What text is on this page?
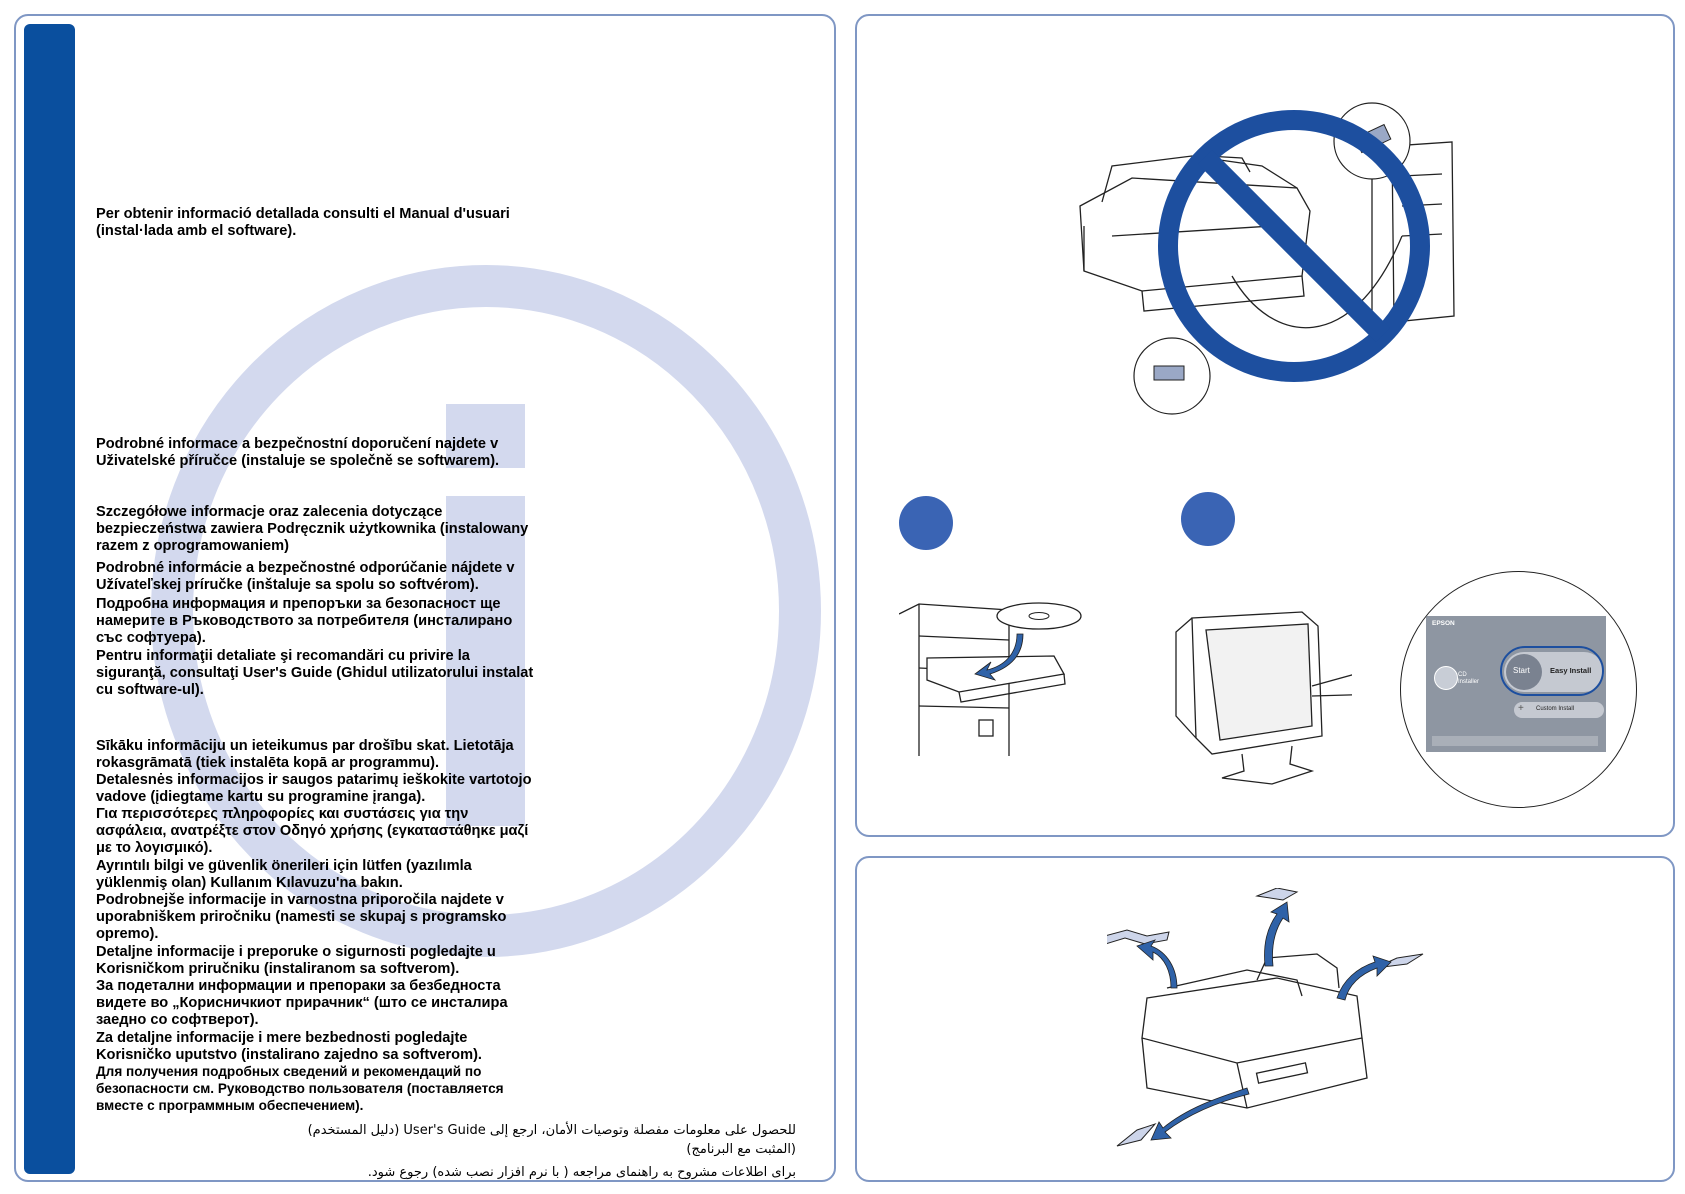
Per obtenir informació detallada consulti el Manual d'usuari
(instal·lada amb el software).

Podrobné informace a bezpečnostní doporučení najdete v
Uživatelské příručce (instaluje se společně se softwarem).

Szczegółowe informacje oraz zalecenia dotyczące
bezpieczeństwa zawiera Podręcznik użytkownika (instalowany
razem z oprogramowaniem)

Podrobné informácie a bezpečnostné odporúčanie nájdete v
Užívateľskej príručke (inštaluje sa spolu so softvérom).

Подробна информация и препоръки за безопасност ще
намерите в Ръководството за потребителя (инсталирано
със софтуера).

Pentru informaţii detaliate şi recomandări cu privire la
siguranţă, consultaţi User's Guide (Ghidul utilizatorului instalat
cu software-ul).

Sīkāku informāciju un ieteikumus par drošību skat. Lietotāja
rokasgrāmatā (tiek instalēta kopā ar programmu).

Detalesnės informacijos ir saugos patarimų ieškokite vartotojo
vadove (įdiegtame kartu su programine įranga).

Για περισσότερες πληροφορίες και συστάσεις για την
ασφάλεια, ανατρέξτε στον Οδηγό χρήσης (εγκαταστάθηκε μαζί
με το λογισμικό).

Ayrıntılı bilgi ve güvenlik önerileri için lütfen (yazılımla
yüklenmiş olan) Kullanım Kılavuzu'na bakın.

Podrobnejše informacije in varnostna priporočila najdete v
uporabniškem priročniku (namesti se skupaj s programsko
opremo).

Detaljne informacije i preporuke o sigurnosti pogledajte u
Korisničkom priručniku (instaliranom sa softverom).

За подетални информации и препораки за безбедноста
видете во „Корисничкиот прирачник“ (што се инсталира
заедно со софтверот).

Za detaljne informacije i mere bezbednosti pogledajte
Korisničko uputstvo (instalirano zajedno sa softverom).

Для получения подробных сведений и рекомендаций по
безопасности см. Руководство пользователя (поставляется
вместе с программным обеспечением).

للحصول على معلومات مفصلة وتوصيات الأمان، ارجع إلى User's Guide (دليل المستخدم)
(المثبت مع البرنامج)

برای اطلاعات مشروح به راهنمای مراجعه ( با نرم افزار نصب شده) رجوع شود.

EPSON
CD Installer
Start	Easy Install
+ Custom Install
